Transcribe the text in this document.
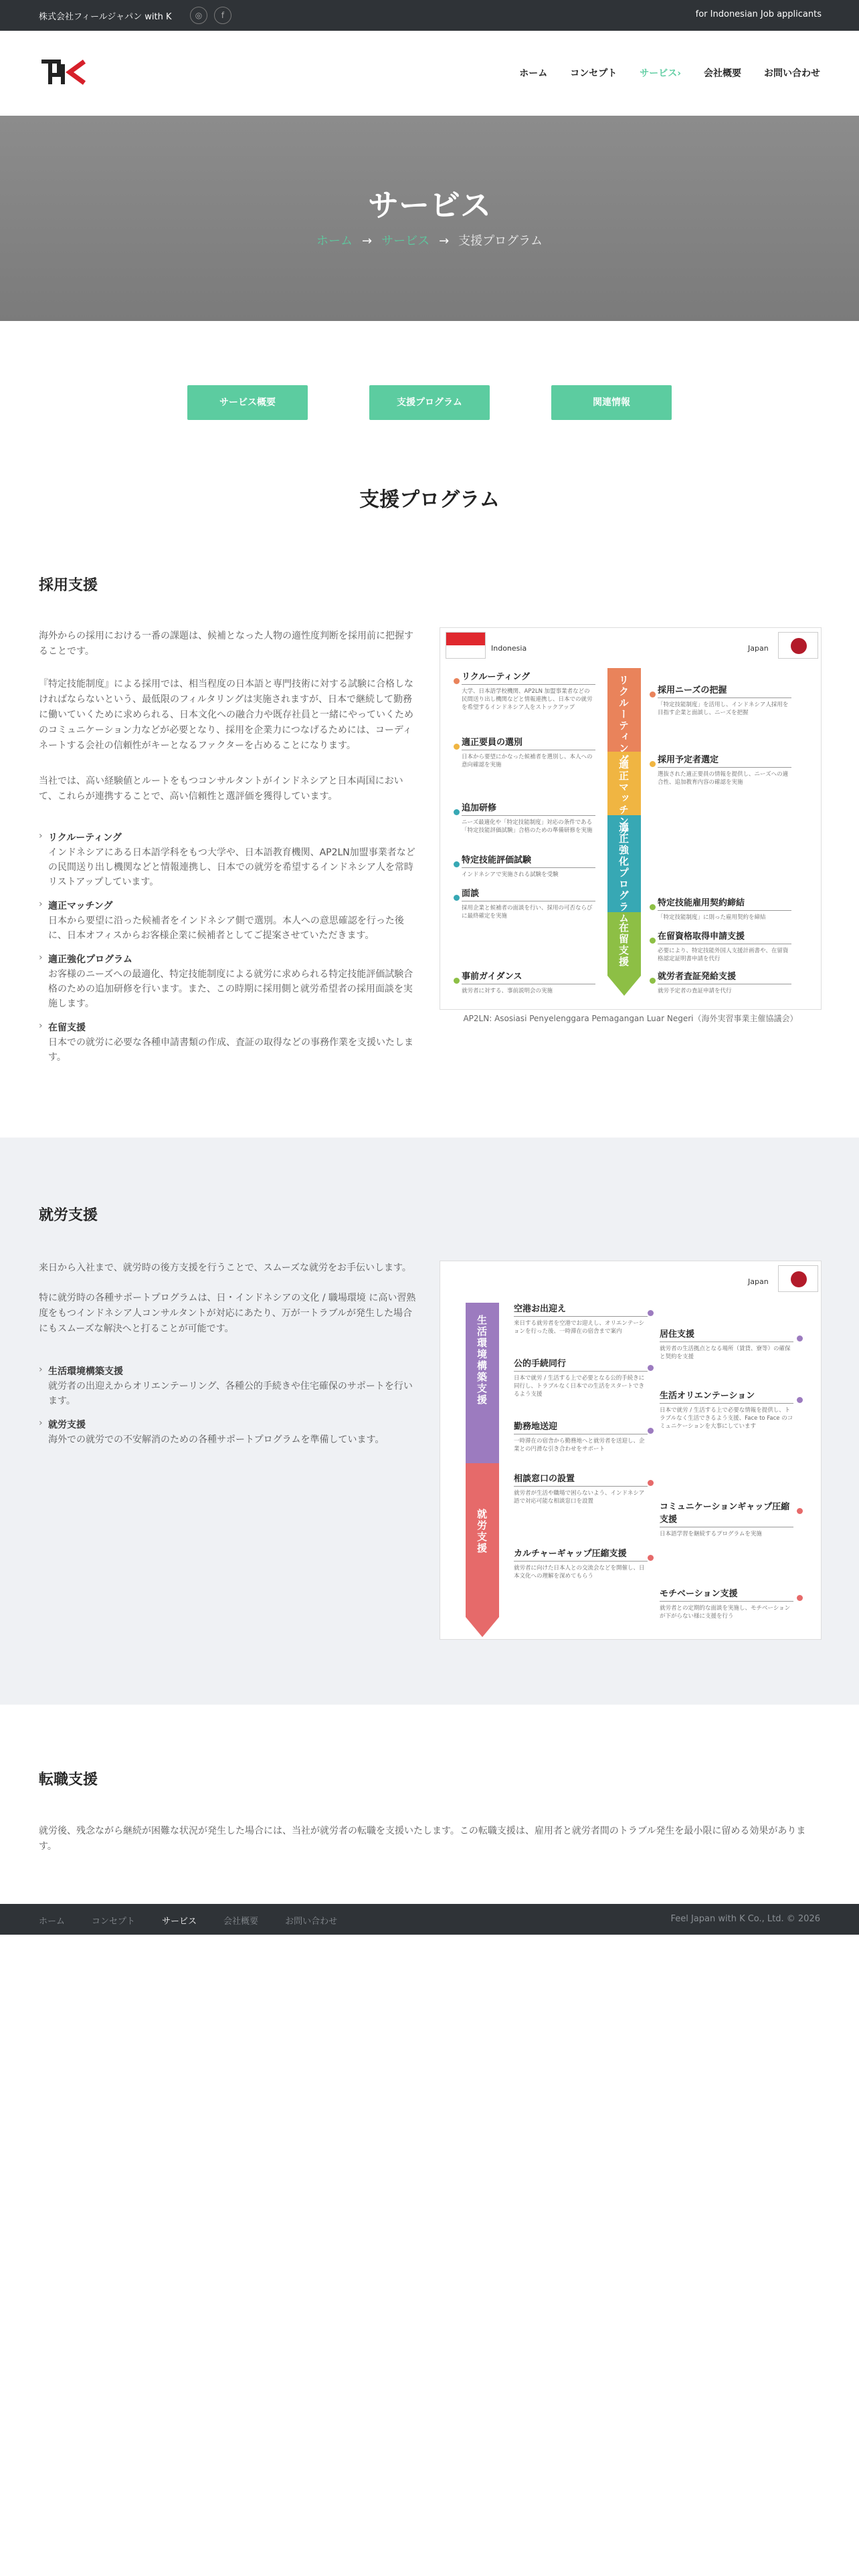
株式会社フィールジャパン with K	◎	f	for Indonesian Job applicants
ホーム コンセプト サービス› 会社概要 お問い合わせ
サービス
ホーム → サービス → 支援プログラム
サービス概要	支援プログラム	関連情報
支援プログラム
採用支援

海外からの採用における一番の課題は、候補となった人物の適性度判断を採用前に把握することです。

『特定技能制度』による採用では、相当程度の日本語と専門技術に対する試験に合格しなければならないという、最低限のフィルタリングは実施されますが、日本で継続して勤務に働いていくために求められる、日本文化への融合力や既存社員と一緒にやっていくためのコミュニケーション力などが必要となり、採用を企業力につなげるためには、コーディネートする会社の信頼性がキーとなるファクターを占めることになります。

当社では、高い経験値とルートをもつコンサルタントがインドネシアと日本両国において、これらが連携することで、高い信頼性と選評価を獲得しています。

› リクルーティング
インドネシアにある日本語学科をもつ大学や、日本語教育機関、AP2LN加盟事業者などの民間送り出し機関などと情報連携し、日本での就労を希望するインドネシア人を常時リストアップしています。
› 適正マッチング
日本から要望に沿った候補者をインドネシア側で選別。本人への意思確認を行った後に、日本オフィスからお客様企業に候補者としてご提案させていただきます。
› 適正強化プログラム
お客様のニーズへの最適化、特定技能制度による就労に求められる特定技能評価試験合格のための追加研修を行います。また、この時期に採用側と就労希望者の採用面談を実施します。
› 在留支援
日本での就労に必要な各種申請書類の作成、査証の取得などの事務作業を支援いたします。
Indonesia	Japan
リクルーティング
適正マッチング
適正強化プログラム
在留支援
リクルーティング
大学、日本語学校機関、AP2LN 加盟事業者などの民間送り出し機関などと情報連携し、日本での就労を希望するインドネシア人をストックアップ
適正要員の選別
日本から要望にかなった候補者を選別し、本人への意向確認を実施
追加研修
ニーズ最適化や「特定技能制度」対応の条件である「特定技能評価試験」合格のための準備研修を実施
特定技能評価試験
インドネシアで実施される試験を受験
面談
採用企業と候補者の面談を行い、採用の可否ならびに最終確定を実施
事前ガイダンス
就労者に対する、事前説明会の実施
採用ニーズの把握
「特定技能制度」を活用し、インドネシア人採用を目指す企業と面談し、ニーズを把握
採用予定者選定
選抜された適正要員の情報を提供し、ニーズへの適合性、追加教育内容の確認を実施
特定技能雇用契約締結
「特定技能制度」に則った雇用契約を締結
在留資格取得申請支援
必要により、特定技能外国人支援計画書や、在留資格認定証明書申請を代行
就労者査証発給支援
就労予定者の査証申請を代行
AP2LN: Asosiasi Penyelenggara Pemagangan Luar Negeri（海外実習事業主催協議会）
就労支援

来日から入社まで、就労時の後方支援を行うことで、スムーズな就労をお手伝いします。

特に就労時の各種サポートプログラムは、日・インドネシアの文化 / 職場環境 に高い習熟度をもつインドネシア人コンサルタントが対応にあたり、万が一トラブルが発生した場合にもスムーズな解決へと打ることが可能です。

› 生活環境構築支援
就労者の出迎えからオリエンテーリング、各種公的手続きや住宅確保のサポートを行います。
› 就労支援
海外での就労での不安解消のための各種サポートプログラムを準備しています。
Japan
生活環境構築支援
就労支援
空港お出迎え
来日する就労者を空港でお迎えし、オリエンテーションを行った後、一時滞在の宿舎まで案内
公的手続同行
日本で就労 / 生活する上で必要となる公的手続きに同行し、トラブルなく日本での生活をスタートできるよう支援
勤務地送迎
一時滞在の宿舎から勤務地へと就労者を送迎し、企業との円滑な引き合わせをサポート
相談窓口の設置
就労者が生活や職場で困らないよう、インドネシア語で対応可能な相談窓口を設置
カルチャーギャップ圧縮支援
就労者に向けた日本人との交流会などを開催し、日本文化への理解を深めてもらう
居住支援
就労者の生活拠点となる場所（賃貸、寮等）の確保と契約を支援
生活オリエンテーション
日本で就労 / 生活する上で必要な情報を提供し、トラブルなく生活できるよう支援、Face to Face のコミュニケーションを大事にしています
コミュニケーションギャップ圧縮支援
日本語学習を継続するプログラムを実施
モチベーション支援
就労者との定期的な面談を実施し、モチベーションが下がらない様に支援を行う
転職支援

就労後、残念ながら継続が困難な状況が発生した場合には、当社が就労者の転職を支援いたします。この転職支援は、雇用者と就労者間のトラブル発生を最小限に留める効果があります。

ホーム	コンセプト	サービス	会社概要	お問い合わせ	Feel Japan with K Co., Ltd. © 2026
